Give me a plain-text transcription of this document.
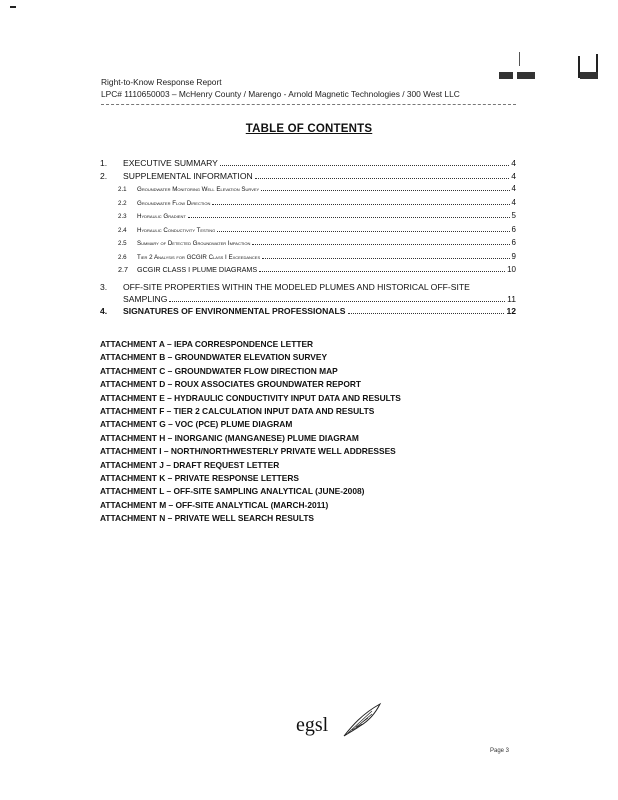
Right-to-Know Response Report
LPC# 1110650003 – McHenry County / Marengo - Arnold Magnetic Technologies / 300 West LLC
TABLE OF CONTENTS
1.	EXECUTIVE SUMMARY	4
2.	SUPPLEMENTAL INFORMATION	4
2.1	Groundwater Monitoring Well Elevation Survey	4
2.2	Groundwater Flow Direction	4
2.3	Hydraulic Gradient	5
2.4	Hydraulic Conductivity Testing	6
2.5	Summary of Detected Groundwater Impaction	6
2.6	Tier 2 Analysis for GCGIR Class I Exceedances	9
2.7	GCGIR CLASS I PLUME DIAGRAMS	10
3. OFF-SITE PROPERTIES WITHIN THE MODELED PLUMES AND HISTORICAL OFF-SITE
SAMPLING	11
4.	SIGNATURES OF ENVIRONMENTAL PROFESSIONALS	12
ATTACHMENT A – IEPA CORRESPONDENCE LETTER
ATTACHMENT B – GROUNDWATER ELEVATION SURVEY
ATTACHMENT C – GROUNDWATER FLOW DIRECTION MAP
ATTACHMENT D – ROUX ASSOCIATES GROUNDWATER REPORT
ATTACHMENT E – HYDRAULIC CONDUCTIVITY INPUT DATA AND RESULTS
ATTACHMENT F – TIER 2 CALCULATION INPUT DATA AND RESULTS
ATTACHMENT G – VOC (PCE) PLUME DIAGRAM
ATTACHMENT H – INORGANIC (MANGANESE) PLUME DIAGRAM
ATTACHMENT I – NORTH/NORTHWESTERLY PRIVATE WELL ADDRESSES
ATTACHMENT J – DRAFT REQUEST LETTER
ATTACHMENT K – PRIVATE RESPONSE LETTERS
ATTACHMENT L – OFF-SITE SAMPLING ANALYTICAL (JUNE-2008)
ATTACHMENT M – OFF-SITE ANALYTICAL (MARCH-2011)
ATTACHMENT N – PRIVATE WELL SEARCH RESULTS
egsl
Page 3
